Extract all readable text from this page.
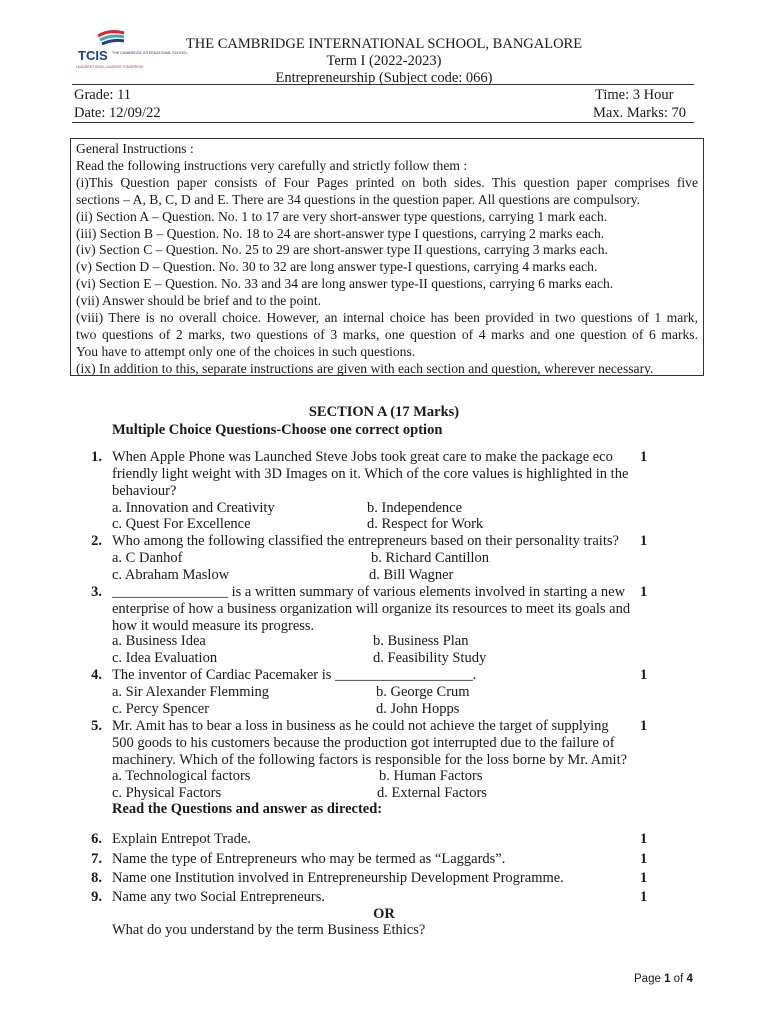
TCIS THE CAMBRIDGE INTERNATIONAL SCHOOL
LEADERS TODAY, LEADERS TOMORROW
THE CAMBRIDGE INTERNATIONAL SCHOOL, BANGALORE
Term I (2022-2023)
Entrepreneurship (Subject code: 066)
Grade: 11	Time: 3 Hour
Date: 12/09/22	Max. Marks: 70
General Instructions :
Read the following instructions very carefully and strictly follow them :
(i)This Question paper consists of Four Pages printed on both sides. This question paper comprises five
sections – A, B, C, D and E. There are 34 questions in the question paper. All questions are compulsory.
(ii) Section A – Question. No. 1 to 17 are very short-answer type questions, carrying 1 mark each.
(iii) Section B – Question. No. 18 to 24 are short-answer type I questions, carrying 2 marks each.
(iv) Section C – Question. No. 25 to 29 are short-answer type II questions, carrying 3 marks each.
(v) Section D – Question. No. 30 to 32 are long answer type-I questions, carrying 4 marks each.
(vi) Section E – Question. No. 33 and 34 are long answer type-II questions, carrying 6 marks each.
(vii) Answer should be brief and to the point.
(viii) There is no overall choice. However, an internal choice has been provided in two questions of 1 mark,
two questions of 2 marks, two questions of 3 marks, one question of 4 marks and one question of 6 marks.
You have to attempt only one of the choices in such questions.
(ix) In addition to this, separate instructions are given with each section and question, wherever necessary.
SECTION A (17 Marks)
Multiple Choice Questions-Choose one correct option
1. When Apple Phone was Launched Steve Jobs took great care to make the package eco friendly light weight with 3D Images on it. Which of the core values is highlighted in the behaviour?
1
a. Innovation and Creativity	b. Independence
c. Quest For Excellence	d. Respect for Work
2. Who among the following classified the entrepreneurs based on their personality traits?	1
a. C Danhof	b. Richard Cantillon
c. Abraham Maslow	d. Bill Wagner
3. ________________ is a written summary of various elements involved in starting a new enterprise of how a business organization will organize its resources to meet its goals and how it would measure its progress.
1
a. Business Idea	b. Business Plan
c. Idea Evaluation	d. Feasibility Study
4. The inventor of Cardiac Pacemaker is ___________________.	1
a. Sir Alexander Flemming	b. George Crum
c. Percy Spencer	d. John Hopps
5. Mr. Amit has to bear a loss in business as he could not achieve the target of supplying 500 goods to his customers because the production got interrupted due to the failure of machinery. Which of the following factors is responsible for the loss borne by Mr. Amit?
1
a. Technological factors	b. Human Factors
c. Physical Factors	d. External Factors
Read the Questions and answer as directed:
6. Explain Entrepot Trade.	1
7. Name the type of Entrepreneurs who may be termed as “Laggards”.	1
8. Name one Institution involved in Entrepreneurship Development Programme.	1
9. Name any two Social Entrepreneurs.	1
OR
What do you understand by the term Business Ethics?
Page 1 of 4
